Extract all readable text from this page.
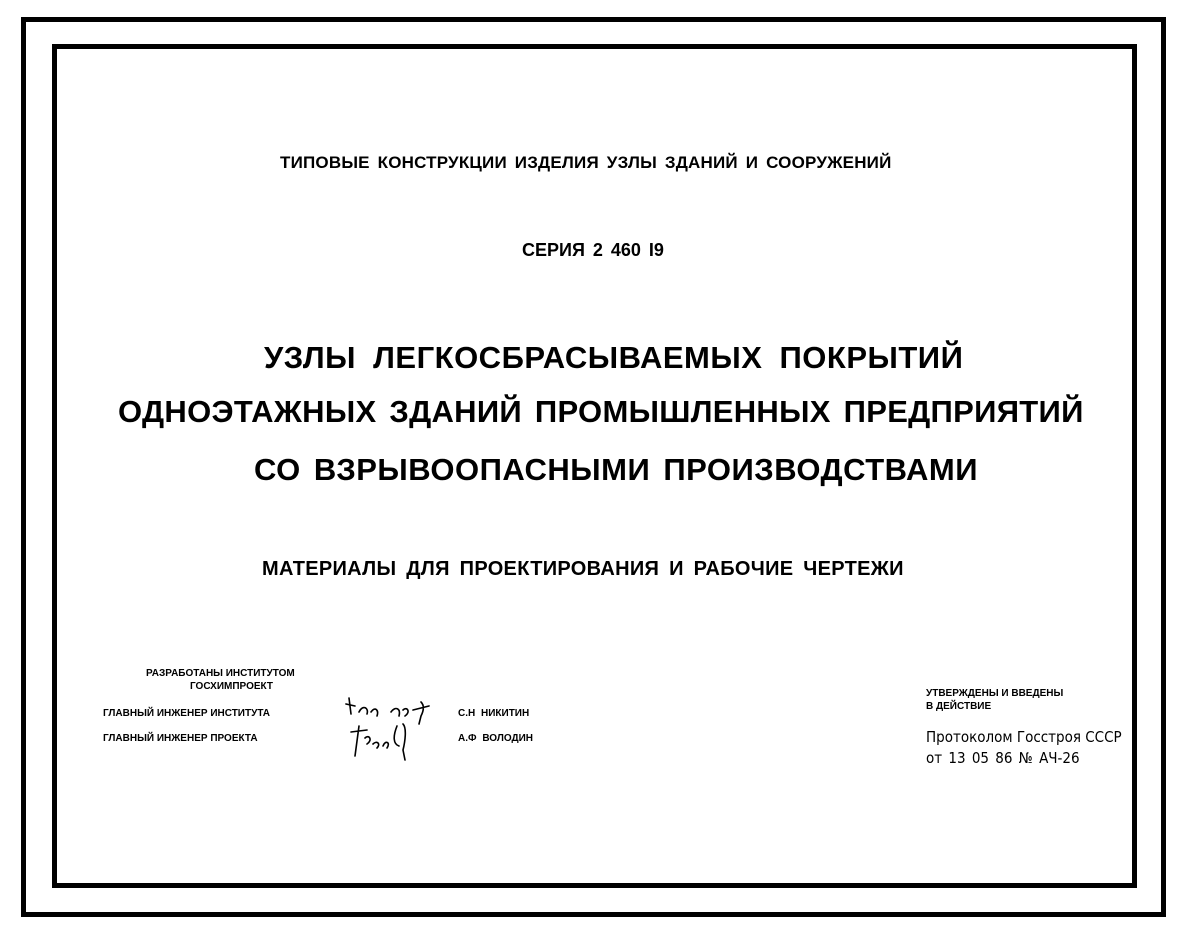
ТИПОВЫЕ КОНСТРУКЦИИ ИЗДЕЛИЯ УЗЛЫ ЗДАНИЙ И СООРУЖЕНИЙ
СЕРИЯ 2 460 I9
УЗЛЫ ЛЕГКОСБРАСЫВАЕМЫХ ПОКРЫТИЙ
ОДНОЭТАЖНЫХ ЗДАНИЙ ПРОМЫШЛЕННЫХ ПРЕДПРИЯТИЙ
СО ВЗРЫВООПАСНЫМИ ПРОИЗВОДСТВАМИ
МАТЕРИАЛЫ ДЛЯ ПРОЕКТИРОВАНИЯ И РАБОЧИЕ ЧЕРТЕЖИ
РАЗРАБОТАНЫ ИНСТИТУТОМ
ГОСХИМПРОЕКТ
ГЛАВНЫЙ ИНЖЕНЕР ИНСТИТУТА
ГЛАВНЫЙ ИНЖЕНЕР ПРОЕКТА
С.Н НИКИТИН
А.Ф ВОЛОДИН
УТВЕРЖДЕНЫ И ВВЕДЕНЫ
В ДЕЙСТВИЕ
Протоколом Госстроя СССР
от 13 05 86 № АЧ-26
